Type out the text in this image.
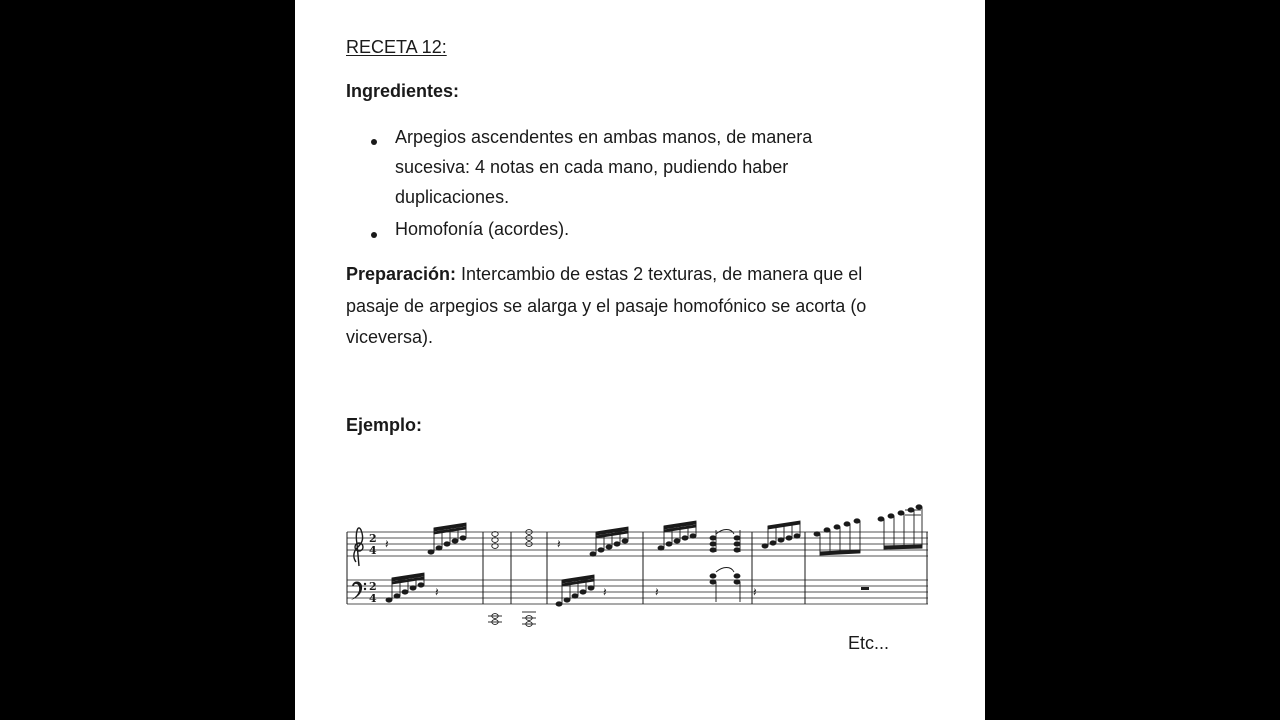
RECETA 12:
Ingredientes:
Arpegios ascendentes en ambas manos, de manera
sucesiva: 4 notas en cada mano, pudiendo haber
duplicaciones.
Homofonía (acordes).
Preparación: Intercambio de estas 2 texturas, de manera que el
pasaje de arpegios se alarga y el pasaje homofónico se acorta (o
viceversa).
Ejemplo:
2
4
2
4
𝄽	𝄽
𝄽	𝄽	𝄽	𝄽
Etc...
